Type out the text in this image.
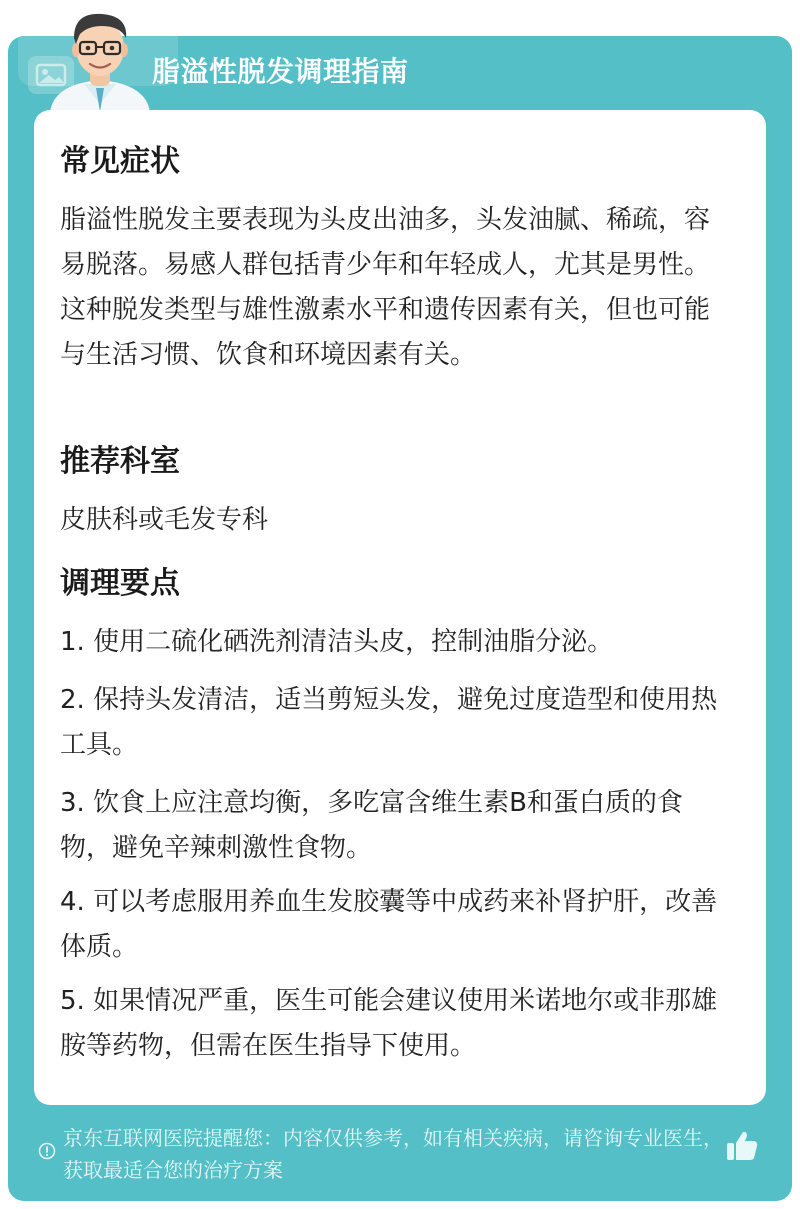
脂溢性脱发调理指南
常见症状
脂溢性脱发主要表现为头皮出油多，头发油腻、稀疏，容易脱落。易感人群包括青少年和年轻成人，尤其是男性。这种脱发类型与雄性激素水平和遗传因素有关，但也可能与生活习惯、饮食和环境因素有关。
推荐科室
皮肤科或毛发专科
调理要点
1. 使用二硫化硒洗剂清洁头皮，控制油脂分泌。
2. 保持头发清洁，适当剪短头发，避免过度造型和使用热工具。
3. 饮食上应注意均衡，多吃富含维生素B和蛋白质的食物，避免辛辣刺激性食物。
4. 可以考虑服用养血生发胶囊等中成药来补肾护肝，改善体质。
5. 如果情况严重，医生可能会建议使用米诺地尔或非那雄胺等药物，但需在医生指导下使用。
京东互联网医院提醒您：内容仅供参考，如有相关疾病，请咨询专业医生，获取最适合您的治疗方案
